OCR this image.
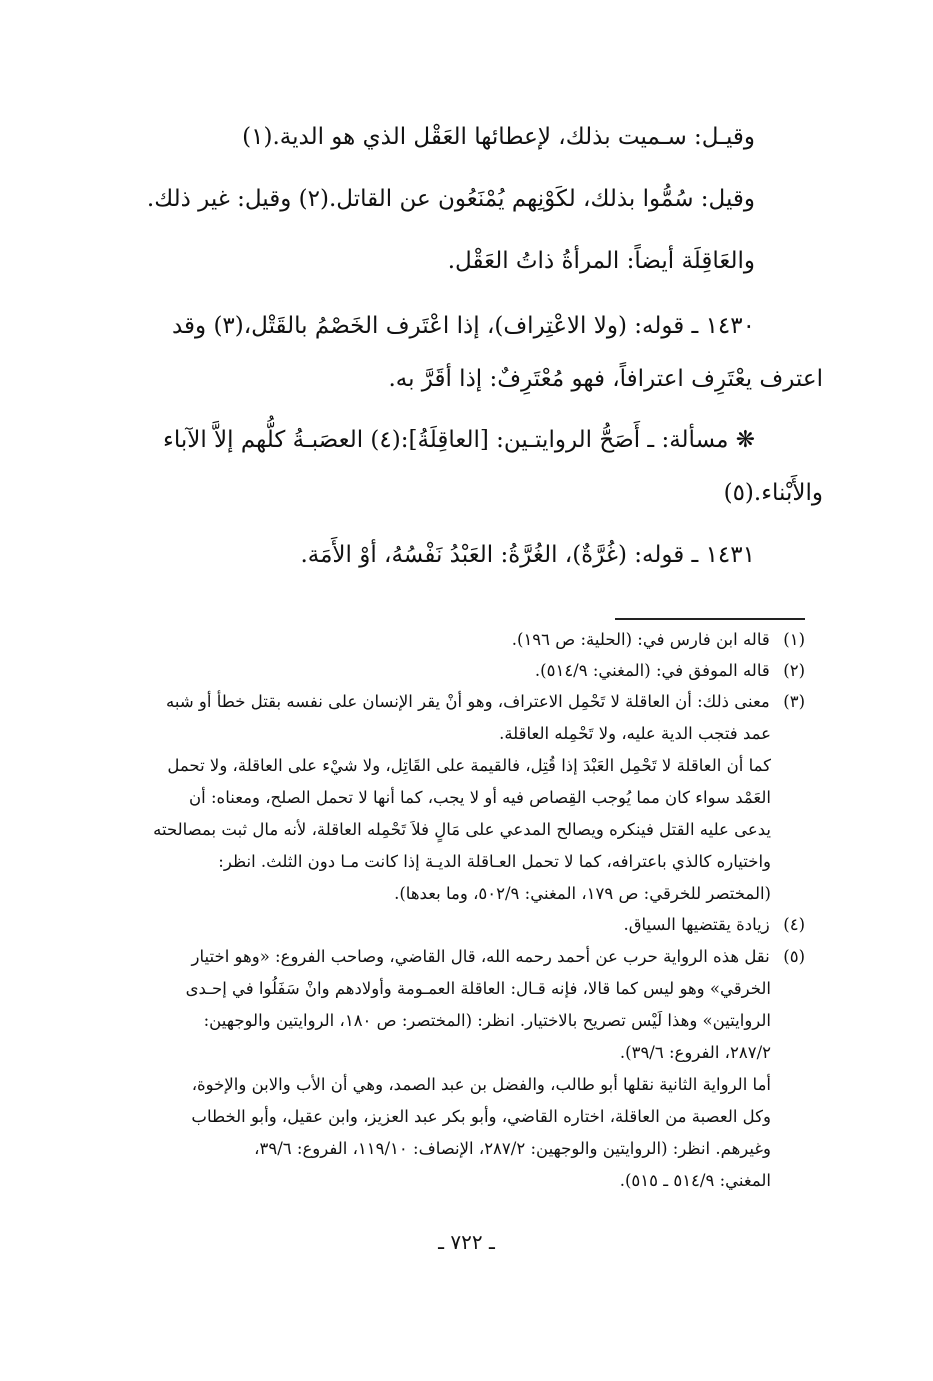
وقيـل: سـميت بذلك، لإعطائها العَقْل الذي هو الدية.(١)
وقيل: سُمُّوا بذلك، لكَوْنِهم يُمْنَعُون عن القاتل.(٢) وقيل: غير ذلك.
والعَاقِلَة أيضاً: المرأةُ ذاتُ العَقْل.
١٤٣٠ ـ قوله: (ولا الاعْتِراف)، إذا اعْتَرف الخَصْمُ بالقَتْل،(٣) وقد
اعترف يعْتَرِف اعترافاً، فهو مُعْتَرِفٌ: إذا أقَرَّ به.
❋ مسألة: ـ أَصَحُّ الروايتـين: [العاقِلَةُ]:(٤) العصَبـةُ كلُّهم إلاَّ الآباء
والأَبْناء.(٥)
١٤٣١ ـ قوله: (غُرَّةٌ)، الغُرَّةُ: العَبْدُ نَفْسُهُ، أوْ الأَمَة.
(١) قاله ابن فارس في: (الحلية: ص ١٩٦).
(٢) قاله الموفق في: (المغني: ٥١٤/٩).
(٣) معنى ذلك: أن العاقلة لا تَحْمِل الاعتراف، وهو أنْ يقر الإنسان على نفسه بقتل خطأ أو شبه
عمد فتجب الدية عليه، ولا تَحْمِله العاقلة.
كما أن العاقلة لا تَحْمِل العَبْدَ إذا قُتِل، فالقيمة على القَاتِل، ولا شيْء على العاقلة، ولا تحمل
العَمْد سواء كان مما يُوجب القِصاص فيه أو لا يجب، كما أنها لا تحمل الصلح، ومعناه: أن
يدعى عليه القتل فينكره ويصالح المدعي على مَالٍ فلاَ تَحْمِله العاقلة، لأنه مال ثبت بمصالحته
واختياره كالذي باعترافه، كما لا تحمل العـاقلة الديـة إذا كانت مـا دون الثلث. انظر:
(المختصر للخرقي: ص ١٧٩، المغني: ٥٠٢/٩، وما بعدها).
(٤) زيادة يقتضيها السياق.
(٥) نقل هذه الرواية حرب عن أحمد رحمه الله، قال القاضي، وصاحب الفروع: «وهو اختيار
الخرقي» وهو ليس كما قالا، فإنه قـال: العاقلة العمـومة وأولادهم وانْ سَفَلُوا في إحـدى
الروايتين» وهذا لَيْس تصريح بالاختيار. انظر: (المختصر: ص ١٨٠، الروايتين والوجهين:
٢٨٧/٢، الفروع: ٣٩/٦).
أما الرواية الثانية نقلها أبو طالب، والفضل بن عبد الصمد، وهي أن الأب والابن والإخوة،
وكل العصبة من العاقلة، اختاره القاضي، وأبو بكر عبد العزيز، وابن عقيل، وأبو الخطاب
وغيرهم. انظر: (الروايتين والوجهين: ٢٨٧/٢، الإنصاف: ١١٩/١٠، الفروع: ٣٩/٦،
المغني: ٥١٤/٩ ـ ٥١٥).
ـ ٧٢٢ ـ
